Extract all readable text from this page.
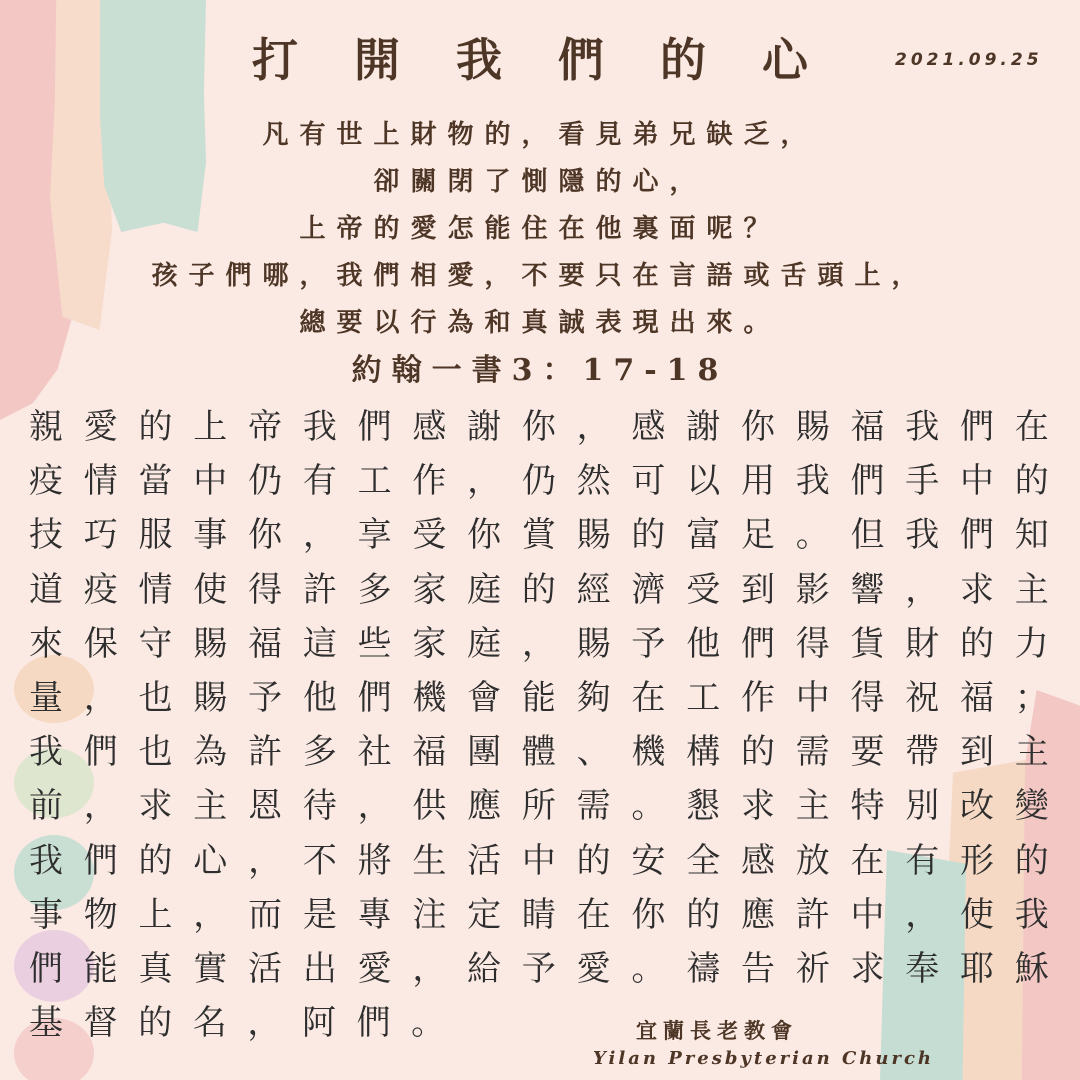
打 開 我 們 的 心	2021.09.25
凡有世上財物的，看見弟兄缺乏，
卻關閉了惻隱的心，
上帝的愛怎能住在他裏面呢？
孩子們哪，我們相愛，不要只在言語或舌頭上，
總要以行為和真誠表現出來。
約翰一書3：17-18
親 愛 的 上 帝 我 們 感 謝 你 ， 感 謝 你 賜 福 我 們 在
疫 情 當 中 仍 有 工 作 ， 仍 然 可 以 用 我 們 手 中 的
技 巧 服 事 你 ， 享 受 你 賞 賜 的 富 足 。 但 我 們 知
道 疫 情 使 得 許 多 家 庭 的 經 濟 受 到 影 響 ， 求 主
來 保 守 賜 福 這 些 家 庭 ， 賜 予 他 們 得 貨 財 的 力
量 ， 也 賜 予 他 們 機 會 能 夠 在 工 作 中 得 祝 福 ；
我 們 也 為 許 多 社 福 團 體 、 機 構 的 需 要 帶 到 主
前 ， 求 主 恩 待 ， 供 應 所 需 。 懇 求 主 特 別 改 變
我 們 的 心 ， 不 將 生 活 中 的 安 全 感 放 在 有 形 的
事 物 上 ， 而 是 專 注 定 睛 在 你 的 應 許 中 ， 使 我
們 能 真 實 活 出 愛 ， 給 予 愛 。 禱 告 祈 求 奉 耶 穌
基 督 的 名 ， 阿 們 。	宜蘭長老教會
Yilan Presbyterian Church
